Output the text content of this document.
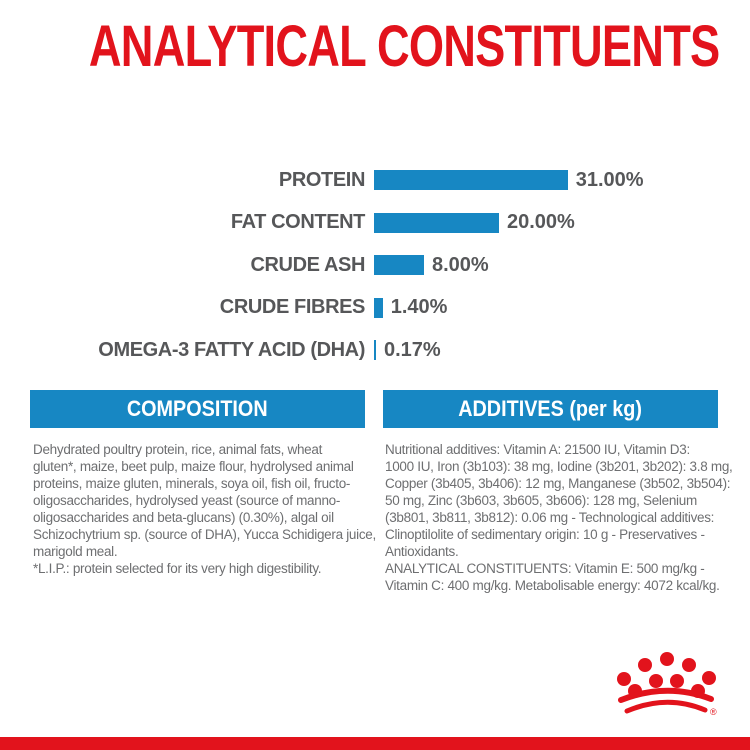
ANALYTICAL CONSTITUENTS
PROTEIN	31.00%
FAT CONTENT	20.00%
CRUDE ASH	8.00%
CRUDE FIBRES 1.40%
OMEGA-3 FATTY ACID (DHA) 0.17%
COMPOSITION	ADDITIVES (per kg)
Dehydrated poultry protein, rice, animal fats, wheat
gluten*, maize, beet pulp, maize flour, hydrolysed animal
proteins, maize gluten, minerals, soya oil, fish oil, fructo-
oligosaccharides, hydrolysed yeast (source of manno-
oligosaccharides and beta-glucans) (0.30%), algal oil
Schizochytrium sp. (source of DHA), Yucca Schidigera juice,
marigold meal.
*L.I.P.: protein selected for its very high digestibility.
Nutritional additives: Vitamin A: 21500 IU, Vitamin D3:
1000 IU, Iron (3b103): 38 mg, Iodine (3b201, 3b202): 3.8 mg,
Copper (3b405, 3b406): 12 mg, Manganese (3b502, 3b504):
50 mg, Zinc (3b603, 3b605, 3b606): 128 mg, Selenium
(3b801, 3b811, 3b812): 0.06 mg - Technological additives:
Clinoptilolite of sedimentary origin: 10 g - Preservatives -
Antioxidants.
ANALYTICAL CONSTITUENTS: Vitamin E: 500 mg/kg -
Vitamin C: 400 mg/kg. Metabolisable energy: 4072 kcal/kg.
®
